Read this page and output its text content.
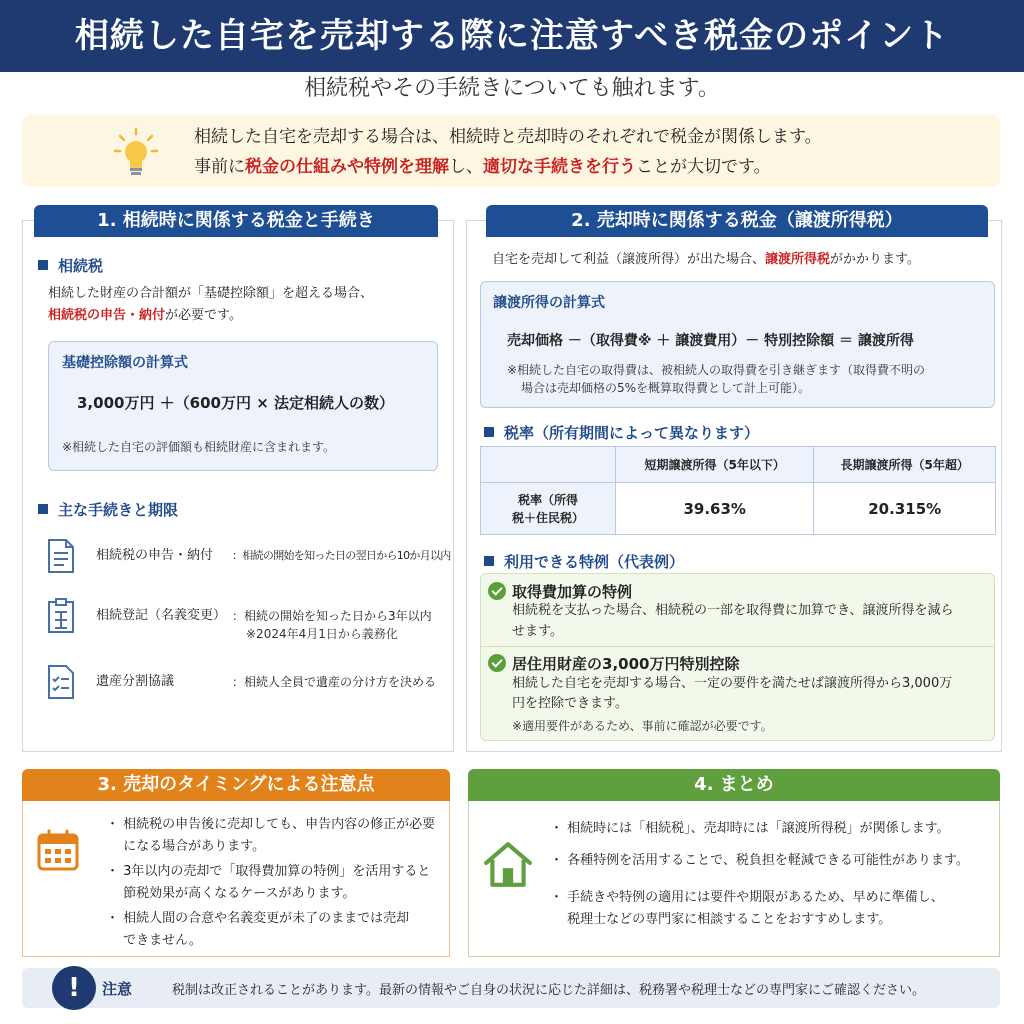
相続した自宅を売却する際に注意すべき税金のポイント
相続税やその手続きについても触れます。
相続した自宅を売却する場合は、相続時と売却時のそれぞれで税金が関係します。
事前に税金の仕組みや特例を理解し、適切な手続きを行うことが大切です。
1. 相続時に関係する税金と手続き
相続税
相続した財産の合計額が「基礎控除額」を超える場合、
相続税の申告・納付が必要です。
基礎控除額の計算式
3,000万円 ＋（600万円 × 法定相続人の数）
※相続した自宅の評価額も相続財産に含まれます。
主な手続きと期限
相続税の申告・納付 ：相続の開始を知った日の翌日から10か月以内
相続登記（名義変更） ：相続の開始を知った日から3年以内
※2024年4月1日から義務化
遺産分割協議	：相続人全員で遺産の分け方を決める
2. 売却時に関係する税金（譲渡所得税）
自宅を売却して利益（譲渡所得）が出た場合、譲渡所得税がかかります。
譲渡所得の計算式
売却価格 －（取得費※ ＋ 譲渡費用）－ 特別控除額 ＝ 譲渡所得
※相続した自宅の取得費は、被相続人の取得費を引き継ぎます（取得費不明の
場合は売却価格の5%を概算取得費として計上可能）。
税率（所有期間によって異なります）
	短期譲渡所得（5年以下）	長期譲渡所得（5年超）
税率（所得
税＋住民税）	39.63%	20.315%
利用できる特例（代表例）
取得費加算の特例
相続税を支払った場合、相続税の一部を取得費に加算でき、譲渡所得を減ら
せます。
居住用財産の3,000万円特別控除
相続した自宅を売却する場合、一定の要件を満たせば譲渡所得から3,000万
円を控除できます。
※適用要件があるため、事前に確認が必要です。
3. 売却のタイミングによる注意点
・ 相続税の申告後に売却しても、申告内容の修正が必要
　 になる場合があります。
・ 3年以内の売却で「取得費加算の特例」を活用すると
　 節税効果が高くなるケースがあります。
・ 相続人間の合意や名義変更が未了のままでは売却
　 できません。
4. まとめ
・ 相続時には「相続税」、売却時には「譲渡所得税」が関係します。
・ 各種特例を活用することで、税負担を軽減できる可能性があります。
・ 手続きや特例の適用には要件や期限があるため、早めに準備し、
　 税理士などの専門家に相談することをおすすめします。
!	注意	税制は改正されることがあります。最新の情報やご自身の状況に応じた詳細は、税務署や税理士などの専門家にご確認ください。
